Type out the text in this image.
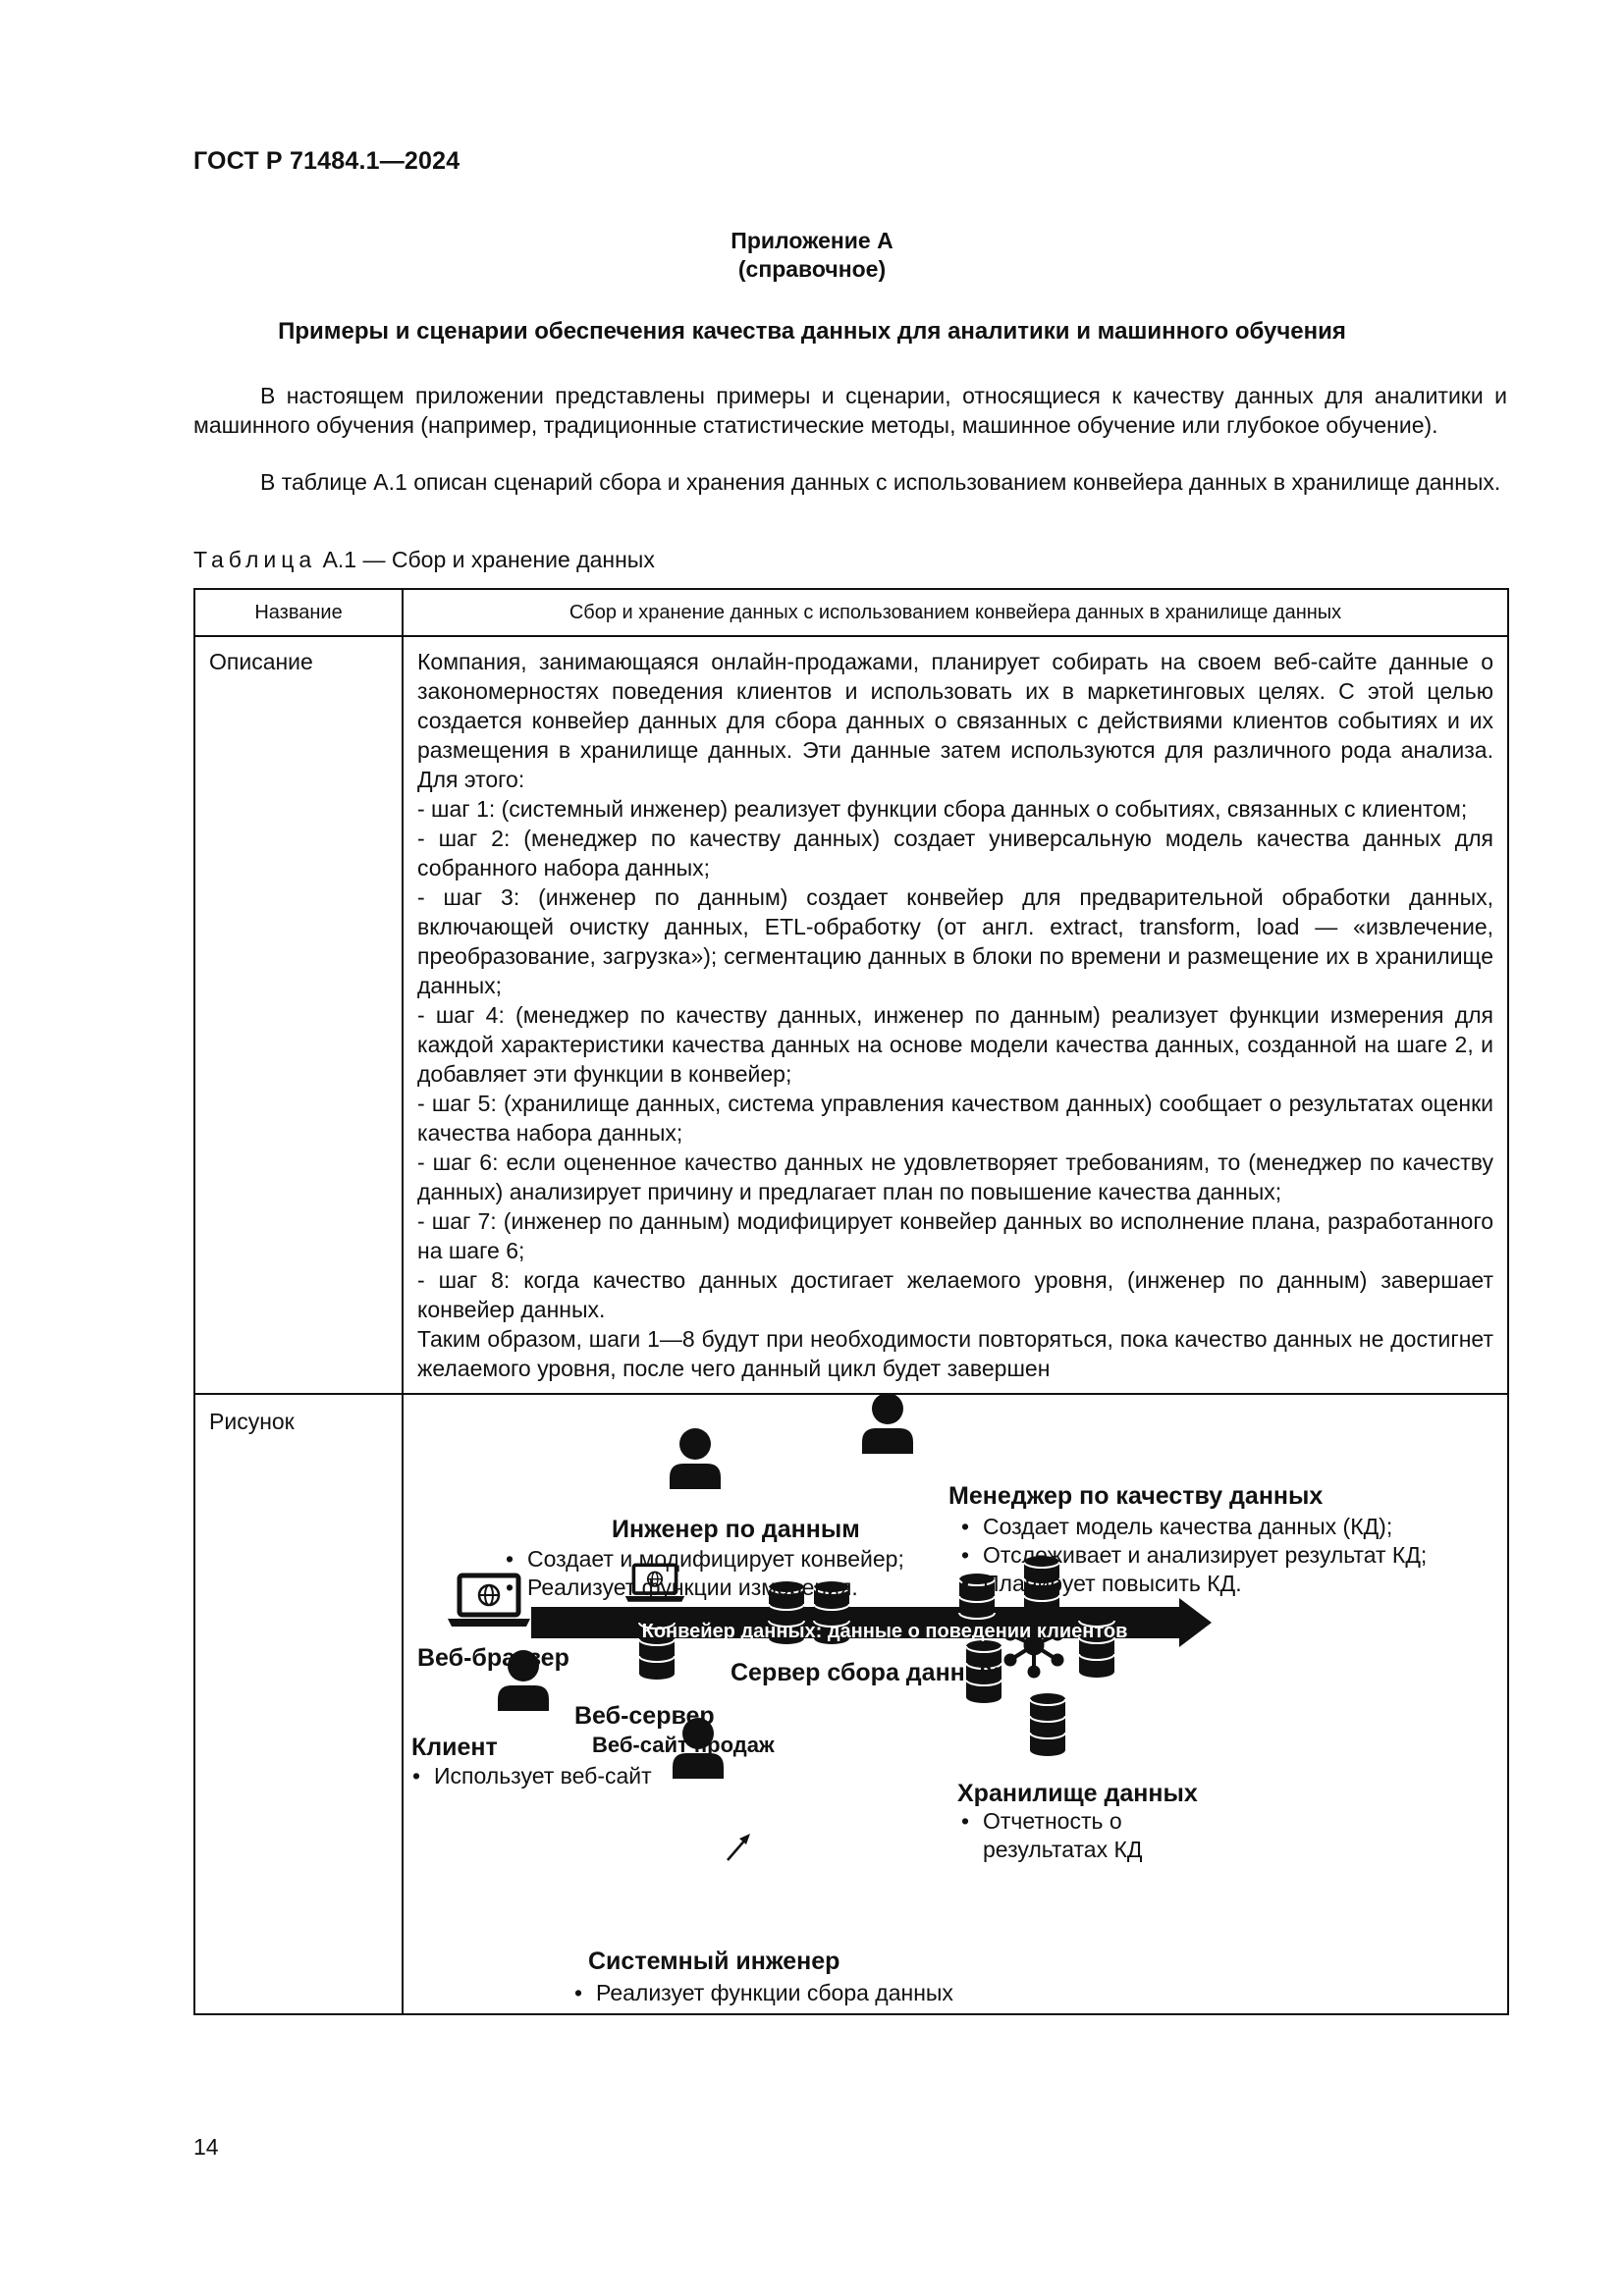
ГОСТ Р 71484.1—2024
Приложение А
(справочное)
Примеры и сценарии обеспечения качества данных для аналитики и машинного обучения
В настоящем приложении представлены примеры и сценарии, относящиеся к качеству данных для аналитики и машинного обучения (например, традиционные статистические методы, машинное обучение или глубокое обучение).
В таблице А.1 описан сценарий сбора и хранения данных с использованием конвейера данных в хранилище данных.
Таблица А.1 — Сбор и хранение данных
Название	Сбор и хранение данных с использованием конвейера данных в хранилище данных
Описание	Компания, занимающаяся онлайн-продажами, планирует собирать на своем веб-сайте данные о закономерностях поведения клиентов и использовать их в маркетинговых целях. С этой целью создается конвейер данных для сбора данных о связанных с действиями клиентов событиях и их размещения в хранилище данных. Эти данные затем используются для различного рода анализа. Для этого:

- шаг 1: (системный инженер) реализует функции сбора данных о событиях, связанных с клиентом;

- шаг 2: (менеджер по качеству данных) создает универсальную модель качества данных для собранного набора данных;

- шаг 3: (инженер по данным) создает конвейер для предварительной обработки данных, включающей очистку данных, ETL-обработку (от англ. extract, transform, load — «извлечение, преобразование, загрузка»); сегментацию данных в блоки по времени и размещение их в хранилище данных;

- шаг 4: (менеджер по качеству данных, инженер по данным) реализует функции измерения для каждой характеристики качества данных на основе модели качества данных, созданной на шаге 2, и добавляет эти функции в конвейер;

- шаг 5: (хранилище данных, система управления качеством данных) сообщает о результатах оценки качества набора данных;

- шаг 6: если оцененное качество данных не удовлетворяет требованиям, то (менеджер по качеству данных) анализирует причину и предлагает план по повышение качества данных;

- шаг 7: (инженер по данным) модифицирует конвейер данных во исполнение плана, разработанного на шаге 6;

- шаг 8: когда качество данных достигает желаемого уровня, (инженер по данным) завершает конвейер данных.

Таким образом, шаги 1—8 будут при необходимости повторяться, пока качество данных не достигнет желаемого уровня, после чего данный цикл будет завершен

Рисунок
Инженер по данным
• Создает и модифицирует конвейер;
• Реализует функции измерения.
Менеджер по качеству данных
• Создает модель качества данных (КД);
• Отслеживает и анализирует результат КД;
• Планирует повысить КД.
Конвейер данных: данные о поведении клиентов
Веб-браузер
Клиент
• Использует веб-сайт
Веб-сервер
Веб-сайт продаж
Сервер сбора данных
Хранилище данных
• Отчетность о результатах КД
Системный инженер
• Реализует функции сбора данных
14
